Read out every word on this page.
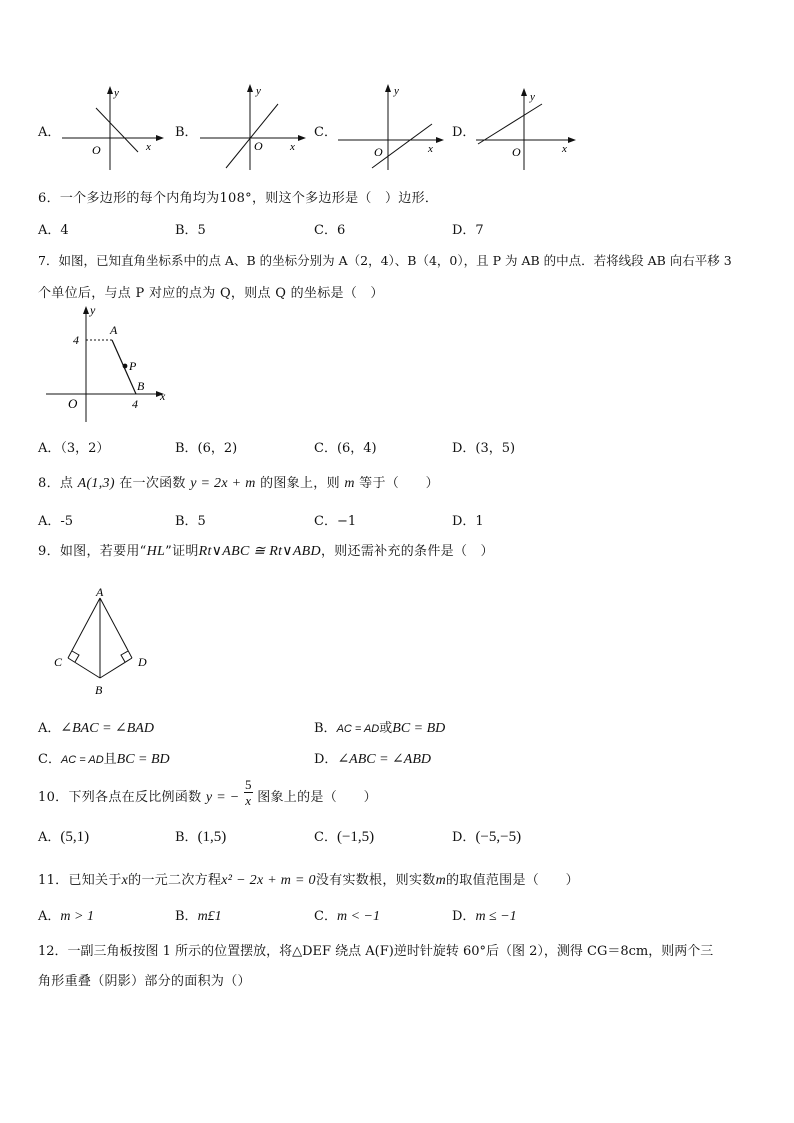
A．
y
x
O
B．
y
x
O
C．
y
x
O
D．
y
x
O
6．一个多边形的每个内角均为108°，则这个多边形是（　）边形．
A．4	B．5	C．6	D．7
7．如图，已知直角坐标系中的点 A、B 的坐标分别为 A（2，4）、B（4，0），且 P 为 AB 的中点．若将线段 AB 向右平移 3
个单位后，与点 P 对应的点为 Q，则点 Q 的坐标是（　）
y
x
A
P
B
O
4
4
A．（3，2）	B．(6，2)	C．(6，4)	D．(3，5)
8．点 A(1,3) 在一次函数 y = 2x + m 的图象上，则 m 等于（　　）
A．-5	B．5	C．−1	D．1
9．如图，若要用“HL”证明Rt∨ABC ≅ Rt∨ABD，则还需补充的条件是（　）
A
C	D
B
A．∠BAC = ∠BAD	B．AC = AD或BC = BD
C．AC = AD且BC = BD	D．∠ABC = ∠ABD
10．下列各点在反比例函数 y = − $\frac{5}{x}$ 图象上的是（　　）
A．(5,1)	B．(1,5)	C．(−1,5)	D．(−5,−5)
11．已知关于x的一元二次方程x² − 2x + m = 0没有实数根，则实数m的取值范围是（　　）
A．m > 1	B．m£1	C．m < −1	D．m ≤ −1
12．一副三角板按图 1 所示的位置摆放，将△DEF 绕点 A(F)逆时针旋转 60°后（图 2），测得 CG＝8cm，则两个三
角形重叠（阴影）部分的面积为（）
